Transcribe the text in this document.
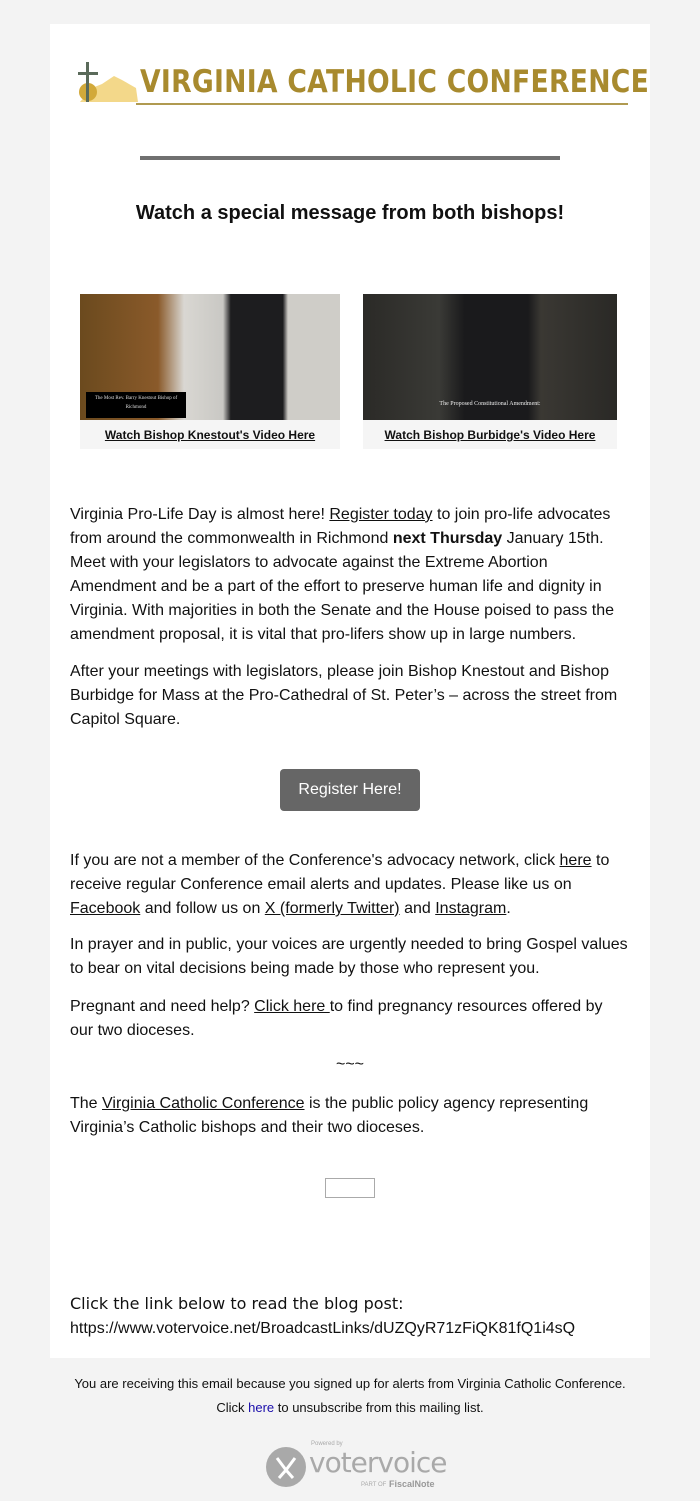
VIRGINIA CATHOLIC CONFERENCE
Watch a special message from both bishops!
The Most Rev. Barry Knestout Bishop of Richmond
Watch Bishop Knestout's Video Here
The Proposed Constitutional Amendment:
Watch Bishop Burbidge's Video Here

Virginia Pro-Life Day is almost here! Register today to join pro-life advocates from around the commonwealth in Richmond next Thursday January 15th. Meet with your legislators to advocate against the Extreme Abortion Amendment and be a part of the effort to preserve human life and dignity in Virginia. With majorities in both the Senate and the House poised to pass the amendment proposal, it is vital that pro-lifers show up in large numbers.

After your meetings with legislators, please join Bishop Knestout and Bishop Burbidge for Mass at the Pro-Cathedral of St. Peter’s – across the street from Capitol Square.

Register Here!

If you are not a member of the Conference's advocacy network, click here to receive regular Conference email alerts and updates. Please like us on Facebook and follow us on X (formerly Twitter) and Instagram.

In prayer and in public, your voices are urgently needed to bring Gospel values to bear on vital decisions being made by those who represent you.

Pregnant and need help? Click here to find pregnancy resources offered by our two dioceses.

~~~

The Virginia Catholic Conference is the public policy agency representing Virginia’s Catholic bishops and their two dioceses.

Click the link below to read the blog post:
https://www.votervoice.net/BroadcastLinks/dUZQyR71zFiQK81fQ1i4sQ
You are receiving this email because you signed up for alerts from Virginia Catholic Conference.
Click here to unsubscribe from this mailing list.
Powered by
votervoice
PART OF FiscalNote
